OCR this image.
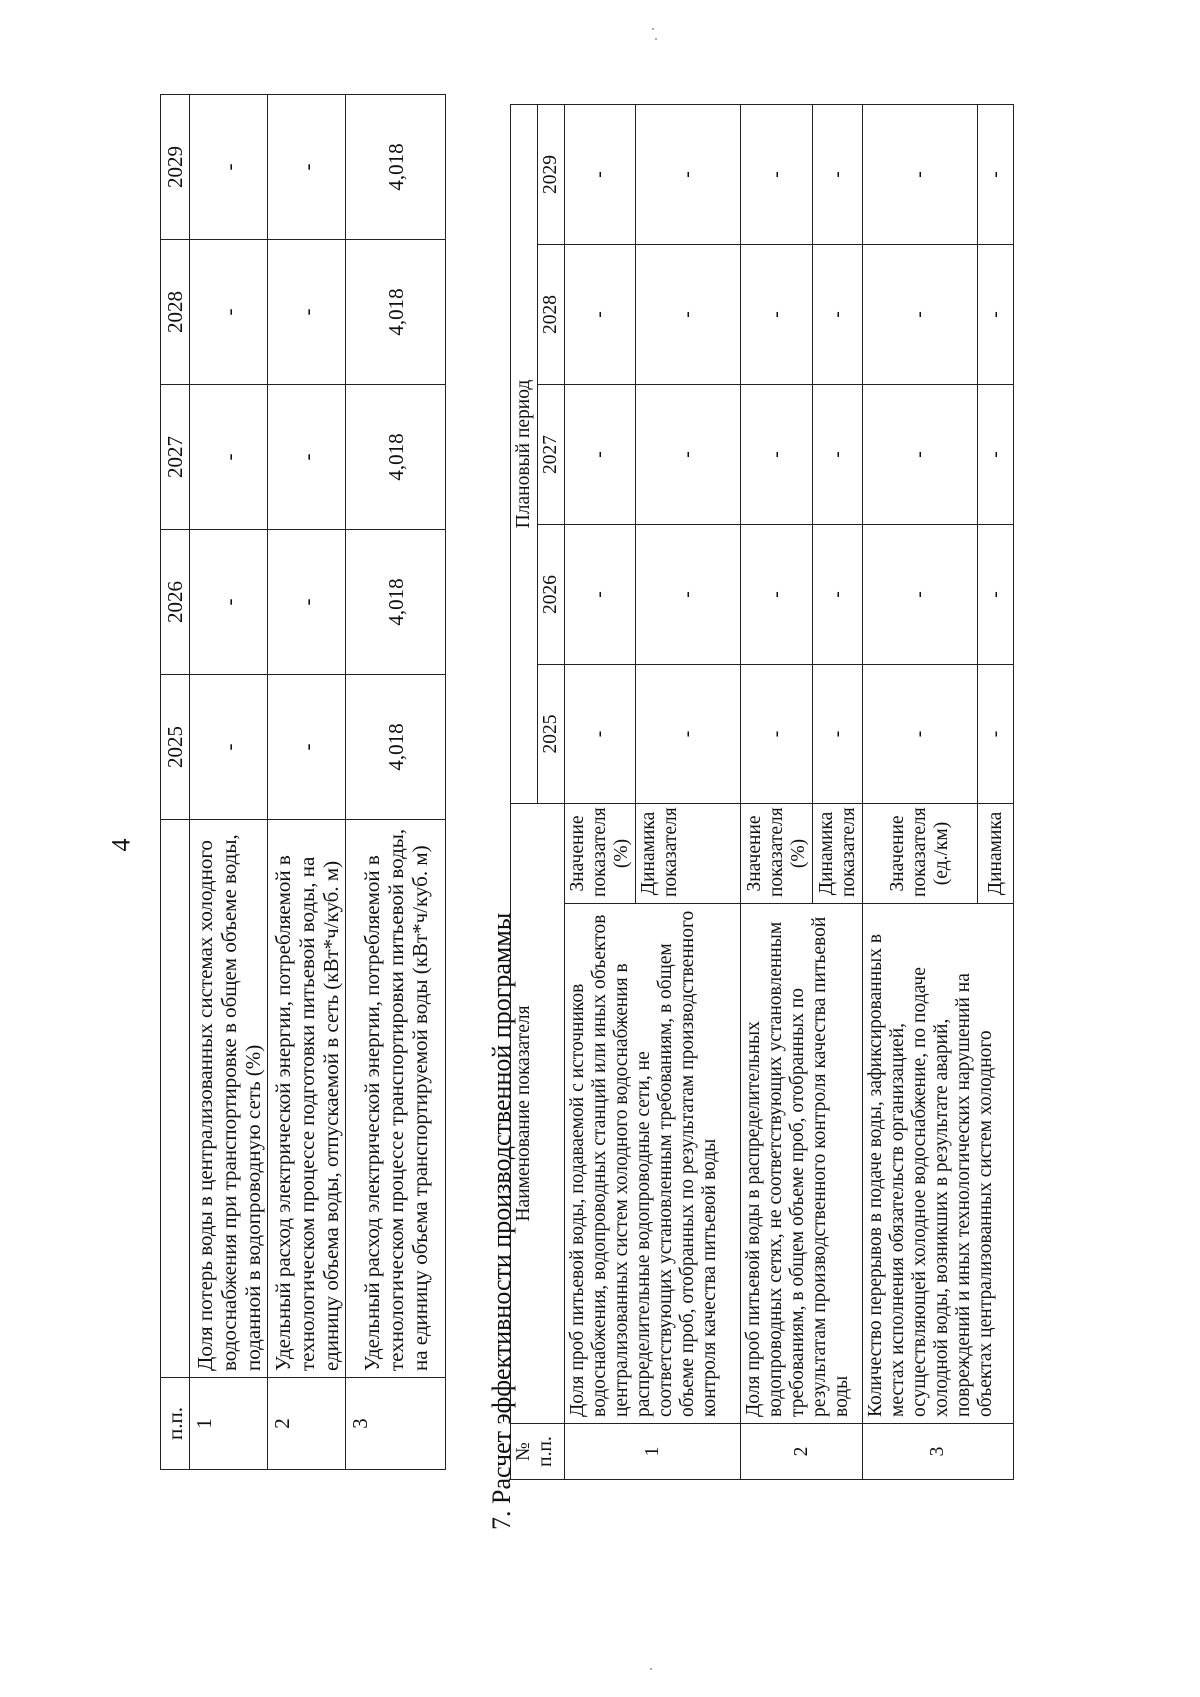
4
п.п.		2025	2026	2027	2028	2029
1	Доля потерь воды в централизованных системах холодного водоснабжения при транспортировке в общем объеме воды, поданной в водопроводную сеть (%)	-	-	-	-	-
2	Удельный расход электрической энергии, потребляемой в технологическом процессе подготовки питьевой воды, на единицу объема воды, отпускаемой в сеть (кВт*ч/куб. м)	-	-	-	-	-
3	Удельный расход электрической энергии, потребляемой в технологическом процессе транспортировки питьевой воды, на единицу объема транспортируемой воды (кВт*ч/куб. м)	4,018	4,018	4,018	4,018	4,018
7. Расчет эффективности производственной программы
№ п.п.	Наименование показателя		Плановый период				
			2025	2026	2027	2028	2029
1	Доля проб питьевой воды, подаваемой с источников водоснабжения, водопроводных станций или иных объектов централизованных систем холодного водоснабжения в распределительные водопроводные сети, не соответствующих установленным требованиям, в общем объеме проб, отобранных по результатам производственного контроля качества питьевой воды	Значение показателя (%)	-	-	-	-	-
		Динамика показателя	-	-	-	-	-
2	Доля проб питьевой воды в распределительных водопроводных сетях, не соответствующих установленным требованиям, в общем объеме проб, отобранных по результатам производственного контроля качества питьевой воды	Значение показателя (%)	-	-	-	-	-
		Динамика показателя	-	-	-	-	-
3	Количество перерывов в подаче воды, зафиксированных в местах исполнения обязательств организацией, осуществляющей холодное водоснабжение, по подаче холодной воды, возникших в результате аварий, повреждений и иных технологических нарушений на объектах централизованных систем холодного	Значение показателя (ед./км)	-	-	-	-	-
		Динамика	-	-	-	-	-
